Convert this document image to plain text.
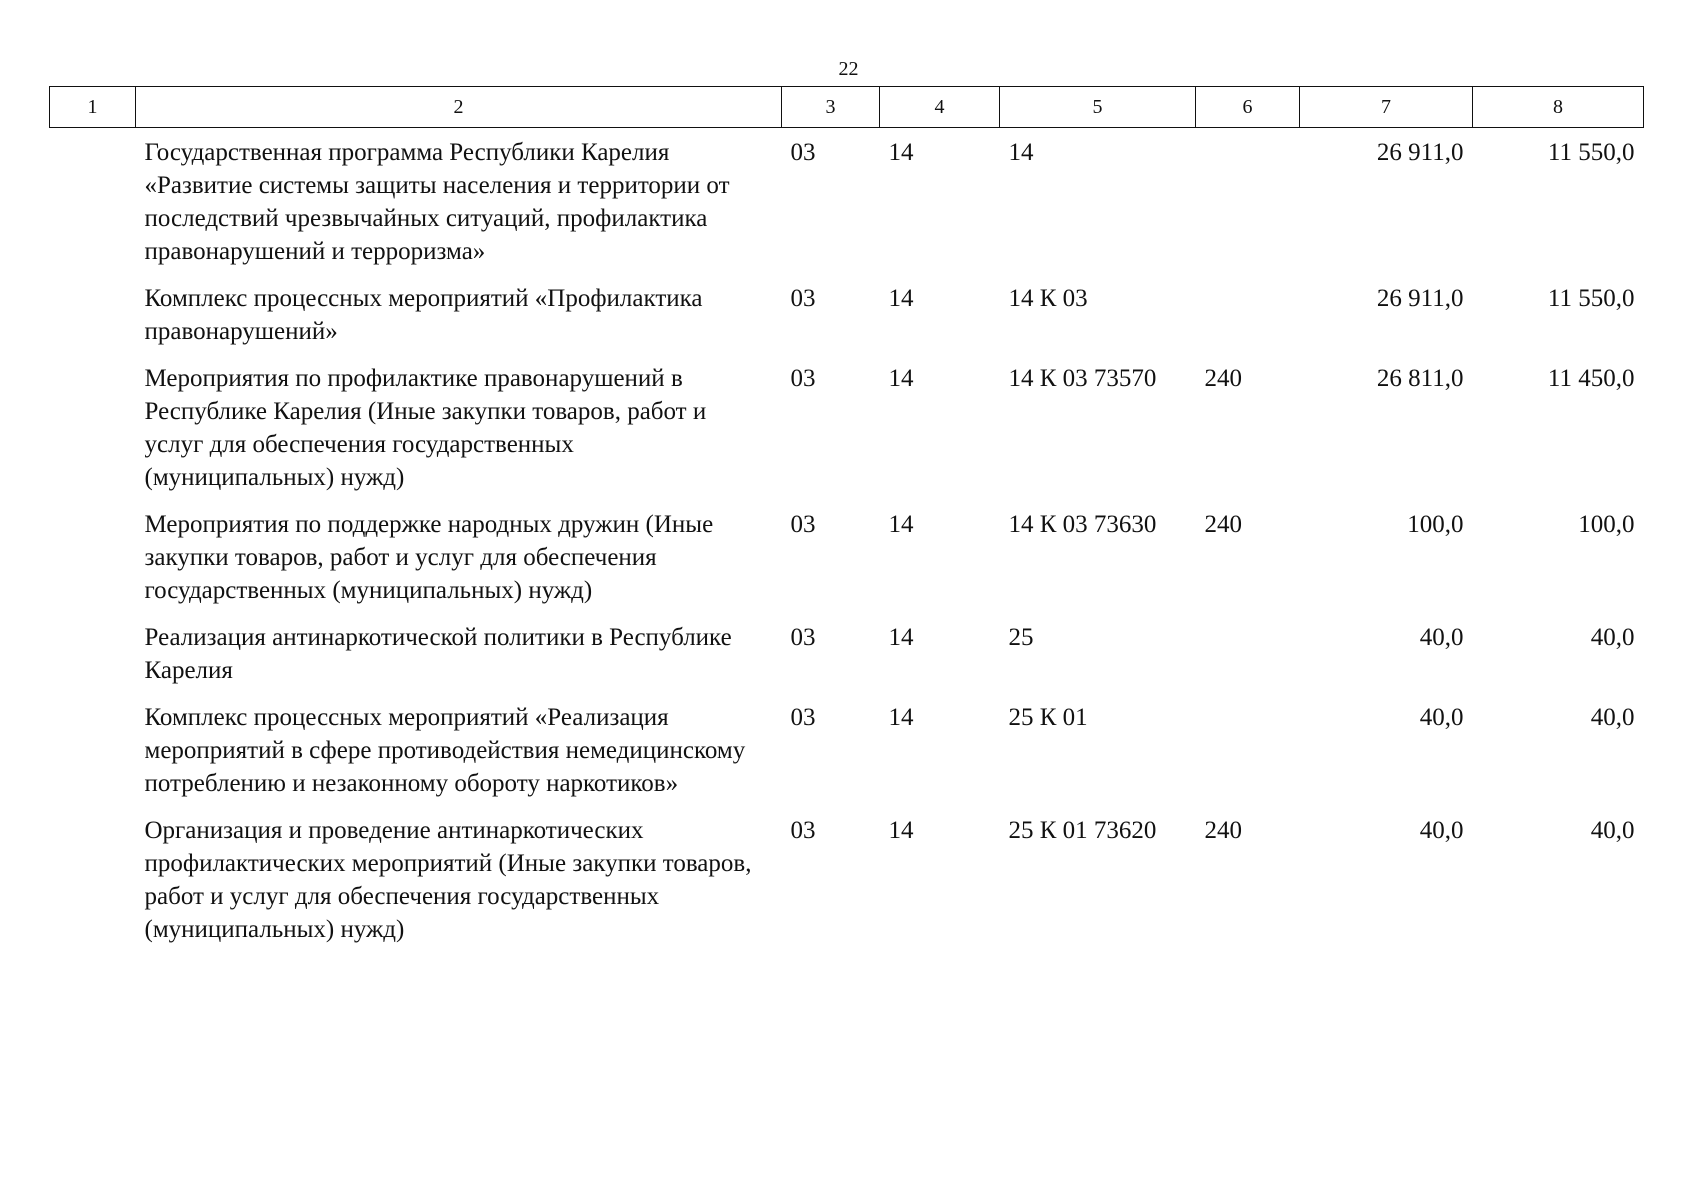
22
1	2	3	4	5	6	7	8
	Государственная программа Республики Карелия «Развитие системы защиты населения и территории от последствий чрезвычайных ситуаций, профилактика правонарушений и терроризма»	03	14	14		26 911,0	11 550,0
	Комплекс процессных мероприятий «Профилактика правонарушений»	03	14	14 К 03		26 911,0	11 550,0
	Мероприятия по профилактике правонарушений в Республике Карелия (Иные закупки товаров, работ и услуг для обеспечения государственных (муниципальных) нужд)	03	14	14 К 03 73570	240	26 811,0	11 450,0
	Мероприятия по поддержке народных дружин (Иные закупки товаров, работ и услуг для обеспечения государственных (муниципальных) нужд)	03	14	14 К 03 73630	240	100,0	100,0
	Реализация антинаркотической политики в Республике Карелия	03	14	25		40,0	40,0
	Комплекс процессных мероприятий «Реализация мероприятий в сфере противодействия немедицинскому потреблению и незаконному обороту наркотиков»	03	14	25 К 01		40,0	40,0
	Организация и проведение антинаркотических профилактических мероприятий (Иные закупки товаров, работ и услуг для обеспечения государственных (муниципальных) нужд)	03	14	25 К 01 73620	240	40,0	40,0
